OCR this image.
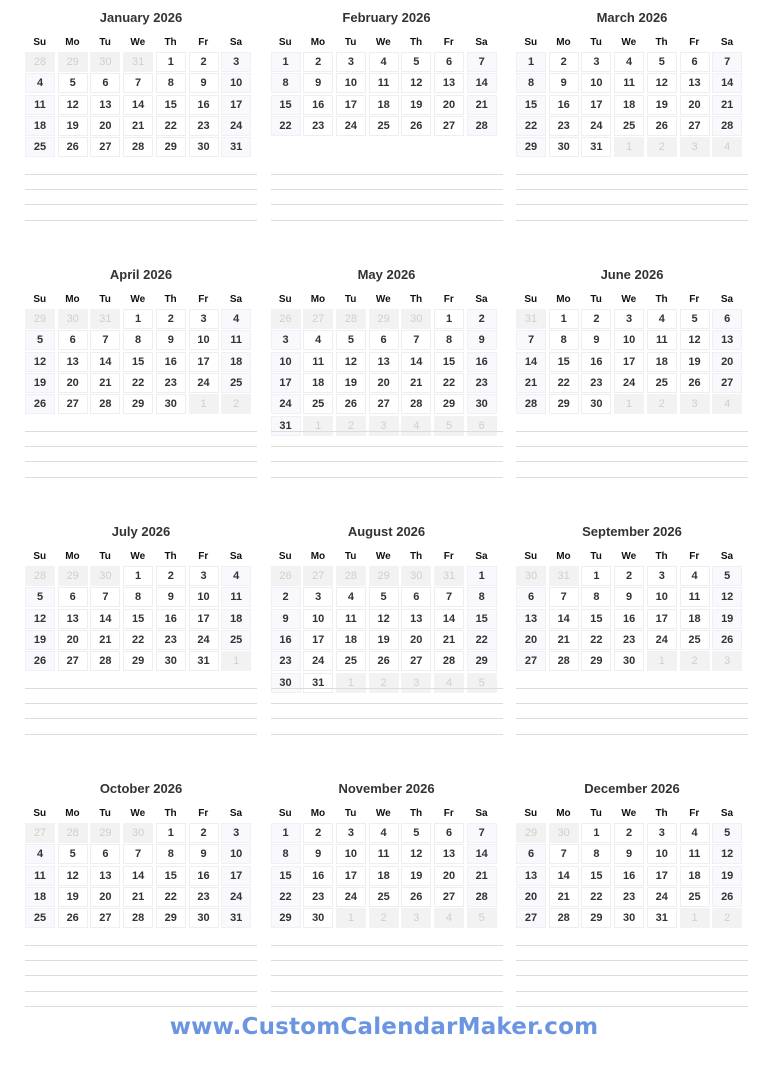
January 2026
Su	Mo	Tu	We	Th	Fr	Sa
28	29	30	31	1	2	3
4	5	6	7	8	9	10
11	12	13	14	15	16	17
18	19	20	21	22	23	24
25	26	27	28	29	30	31
February 2026
Su	Mo	Tu	We	Th	Fr	Sa
1	2	3	4	5	6	7
8	9	10	11	12	13	14
15	16	17	18	19	20	21
22	23	24	25	26	27	28
March 2026
Su	Mo	Tu	We	Th	Fr	Sa
1	2	3	4	5	6	7
8	9	10	11	12	13	14
15	16	17	18	19	20	21
22	23	24	25	26	27	28
29	30	31	1	2	3	4
April 2026
Su	Mo	Tu	We	Th	Fr	Sa
29	30	31	1	2	3	4
5	6	7	8	9	10	11
12	13	14	15	16	17	18
19	20	21	22	23	24	25
26	27	28	29	30	1	2
May 2026
Su	Mo	Tu	We	Th	Fr	Sa
26	27	28	29	30	1	2
3	4	5	6	7	8	9
10	11	12	13	14	15	16
17	18	19	20	21	22	23
24	25	26	27	28	29	30
31	1	2	3	4	5	6
June 2026
Su	Mo	Tu	We	Th	Fr	Sa
31	1	2	3	4	5	6
7	8	9	10	11	12	13
14	15	16	17	18	19	20
21	22	23	24	25	26	27
28	29	30	1	2	3	4
July 2026
Su	Mo	Tu	We	Th	Fr	Sa
28	29	30	1	2	3	4
5	6	7	8	9	10	11
12	13	14	15	16	17	18
19	20	21	22	23	24	25
26	27	28	29	30	31	1
August 2026
Su	Mo	Tu	We	Th	Fr	Sa
26	27	28	29	30	31	1
2	3	4	5	6	7	8
9	10	11	12	13	14	15
16	17	18	19	20	21	22
23	24	25	26	27	28	29
30	31	1	2	3	4	5
September 2026
Su	Mo	Tu	We	Th	Fr	Sa
30	31	1	2	3	4	5
6	7	8	9	10	11	12
13	14	15	16	17	18	19
20	21	22	23	24	25	26
27	28	29	30	1	2	3
October 2026
Su	Mo	Tu	We	Th	Fr	Sa
27	28	29	30	1	2	3
4	5	6	7	8	9	10
11	12	13	14	15	16	17
18	19	20	21	22	23	24
25	26	27	28	29	30	31
November 2026
Su	Mo	Tu	We	Th	Fr	Sa
1	2	3	4	5	6	7
8	9	10	11	12	13	14
15	16	17	18	19	20	21
22	23	24	25	26	27	28
29	30	1	2	3	4	5
December 2026
Su	Mo	Tu	We	Th	Fr	Sa
29	30	1	2	3	4	5
6	7	8	9	10	11	12
13	14	15	16	17	18	19
20	21	22	23	24	25	26
27	28	29	30	31	1	2
www.CustomCalendarMaker.com
